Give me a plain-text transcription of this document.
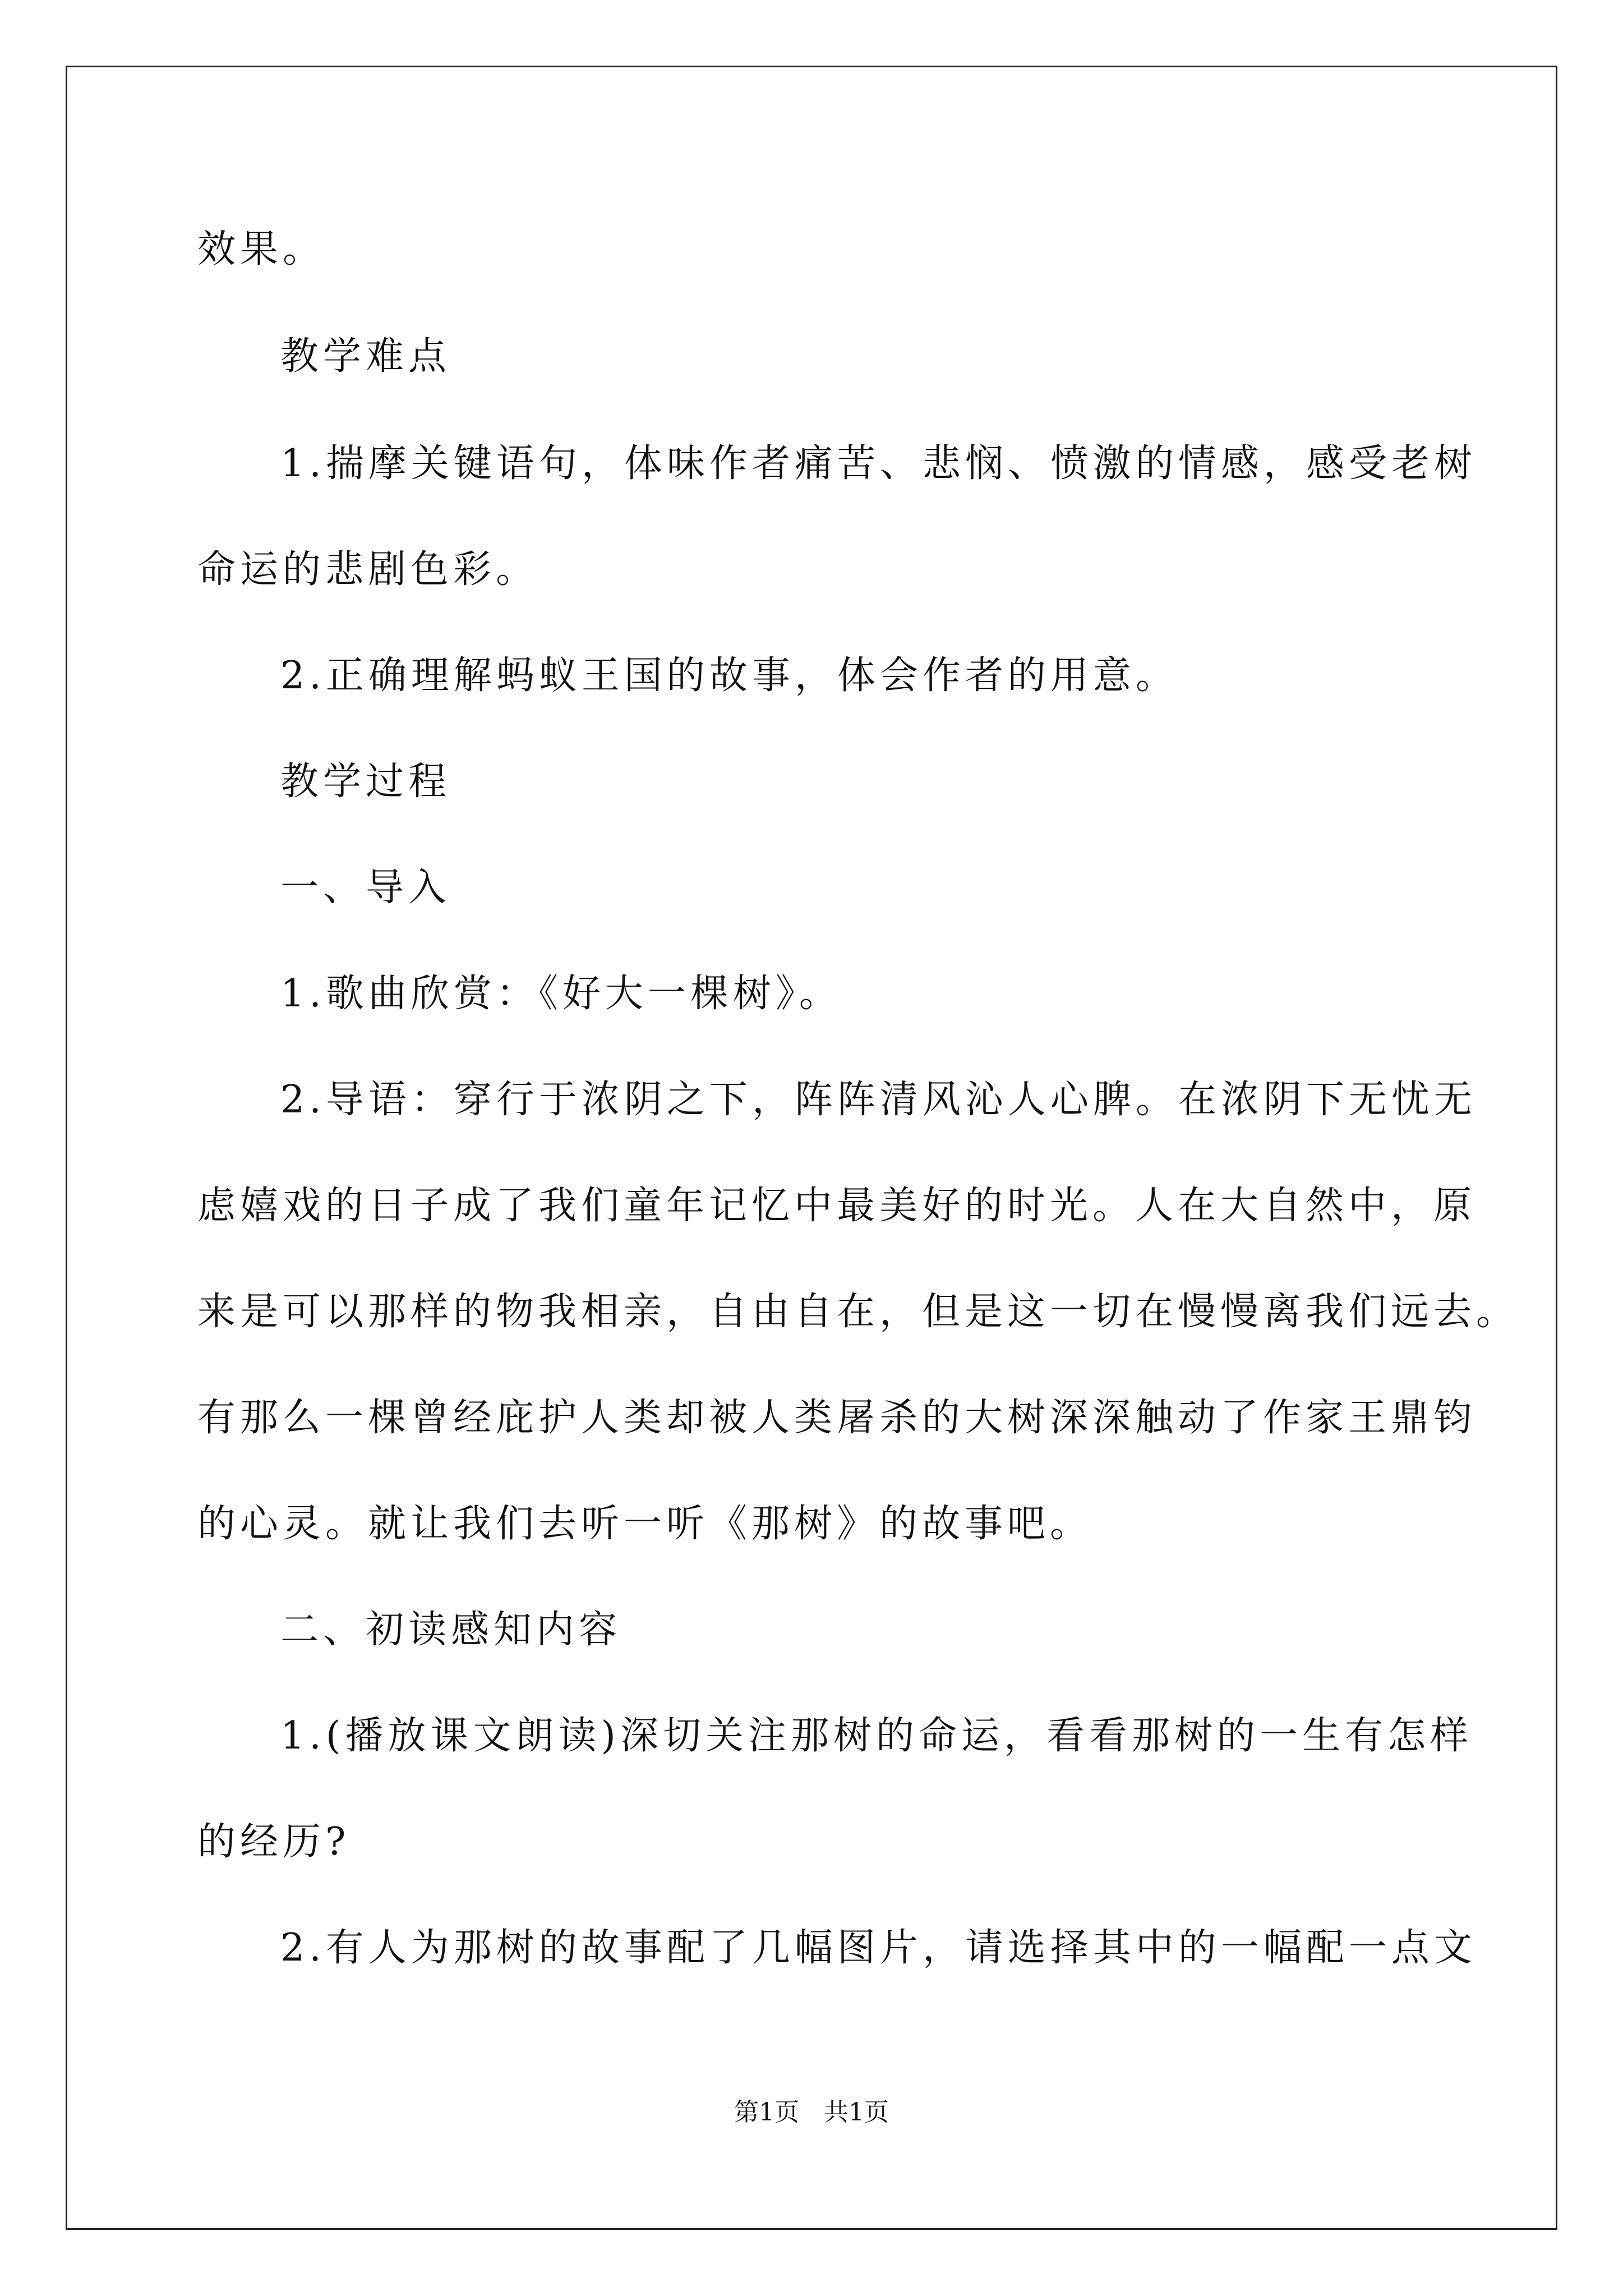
效果。
教学难点
1.揣摩关键语句，体味作者痛苦、悲悯、愤激的情感，感受老树
命运的悲剧色彩。
2.正确理解蚂蚁王国的故事，体会作者的用意。
教学过程
一、导入
1.歌曲欣赏：《好大一棵树》。
2.导语：穿行于浓阴之下，阵阵清风沁人心脾。在浓阴下无忧无
虑嬉戏的日子成了我们童年记忆中最美好的时光。人在大自然中，原
来是可以那样的物我相亲，自由自在，但是这一切在慢慢离我们远去。
有那么一棵曾经庇护人类却被人类屠杀的大树深深触动了作家王鼎钧
的心灵。就让我们去听一听《那树》的故事吧。
二、初读感知内容
1.(播放课文朗读)深切关注那树的命运，看看那树的一生有怎样
的经历?
2.有人为那树的故事配了几幅图片，请选择其中的一幅配一点文
第1页　共1页
